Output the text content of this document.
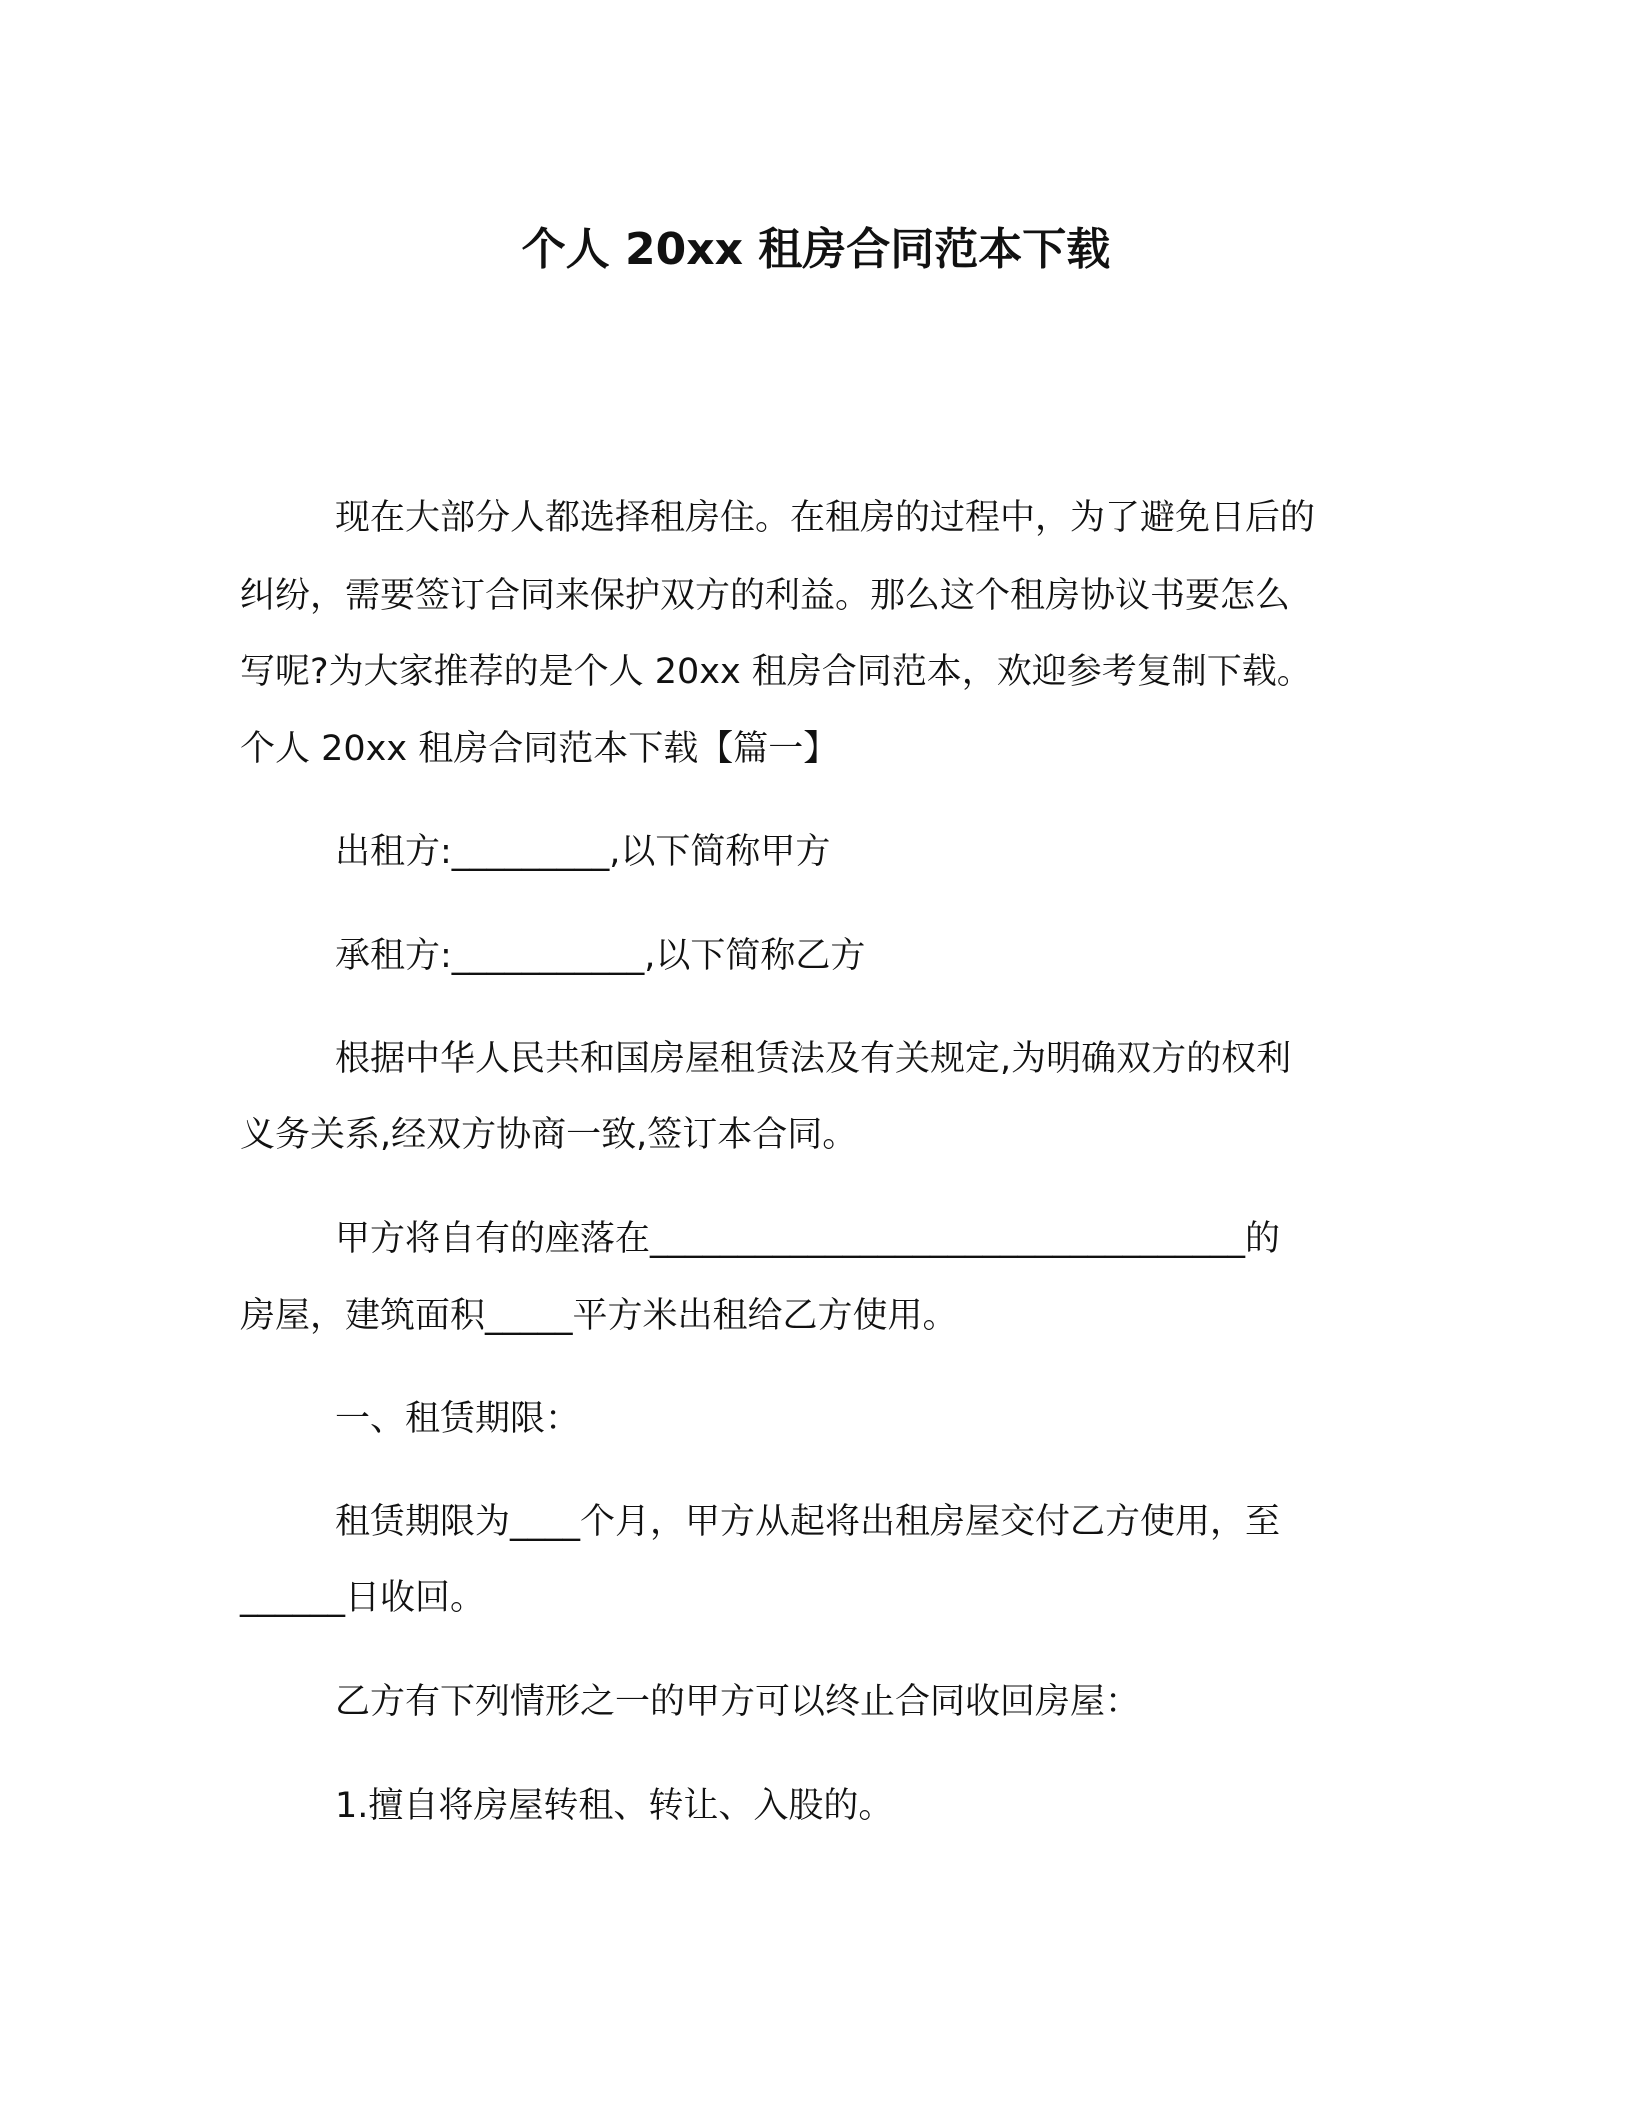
个人 20xx 租房合同范本下载
现在大部分人都选择租房住。在租房的过程中，为了避免日后的
纠纷，需要签订合同来保护双方的利益。那么这个租房协议书要怎么
写呢?为大家推荐的是个人 20xx 租房合同范本，欢迎参考复制下载。
个人 20xx 租房合同范本下载【篇一】
出租方:_________,以下简称甲方
承租方:___________,以下简称乙方
根据中华人民共和国房屋租赁法及有关规定,为明确双方的权利
义务关系,经双方协商一致,签订本合同。
甲方将自有的座落在__________________________________的
房屋，建筑面积_____平方米出租给乙方使用。
一、租赁期限：
租赁期限为____个月，甲方从起将出租房屋交付乙方使用，至
______日收回。
乙方有下列情形之一的甲方可以终止合同收回房屋：
1.擅自将房屋转租、转让、入股的。
